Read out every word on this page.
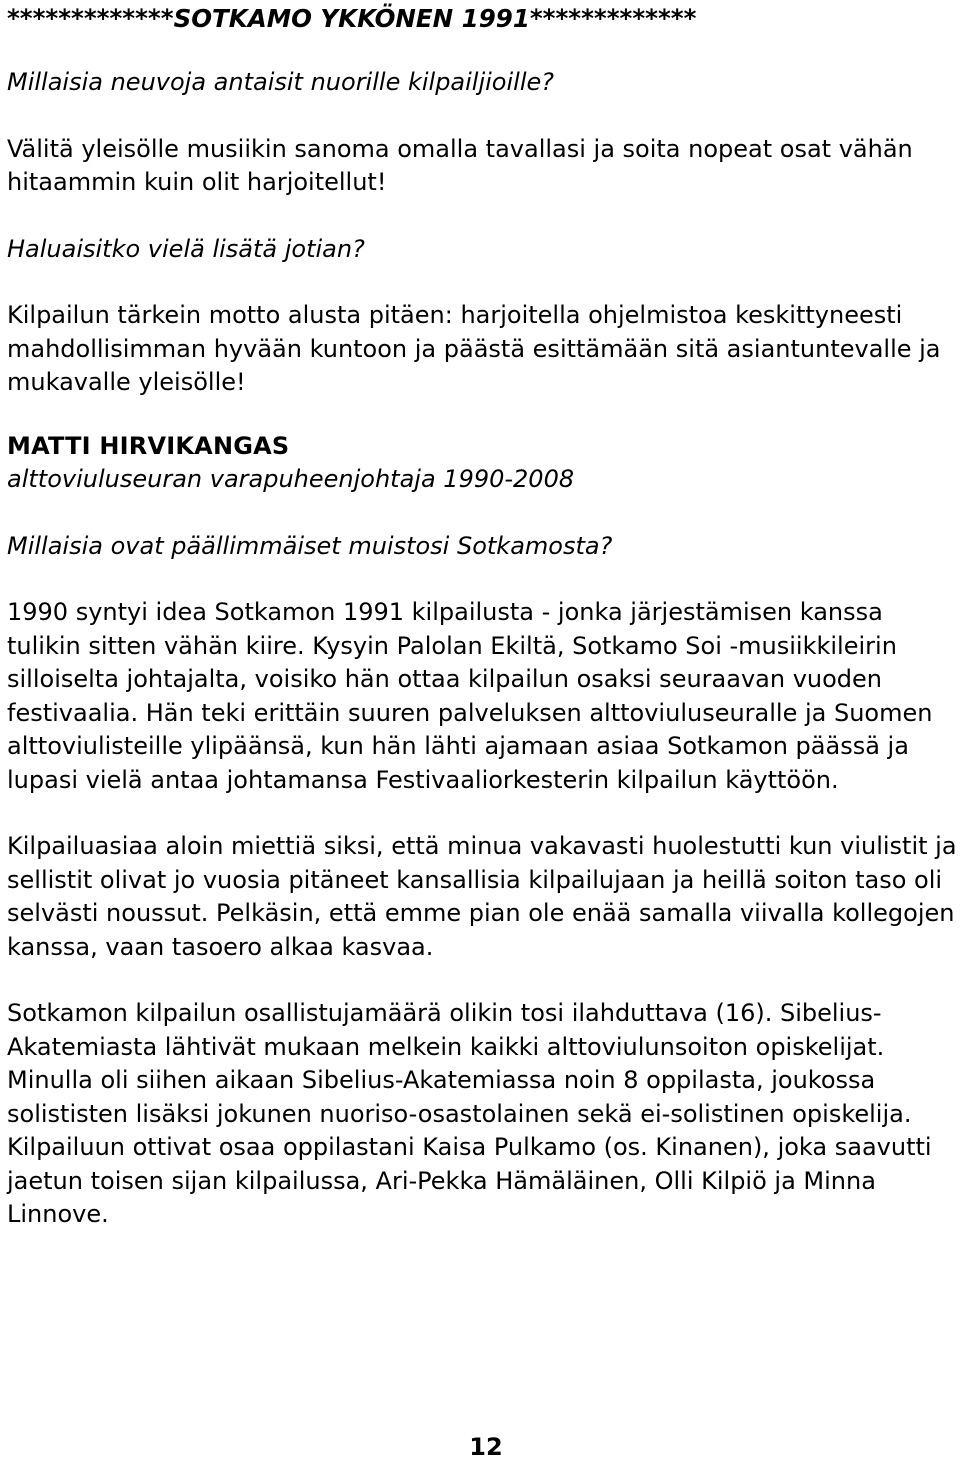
*************SOTKAMO YKKÖNEN 1991*************

Millaisia neuvoja antaisit nuorille kilpailjioille?

Välitä yleisölle musiikin sanoma omalla tavallasi ja soita nopeat osat vähän hitaammin kuin olit harjoitellut!

Haluaisitko vielä lisätä jotian?

Kilpailun tärkein motto alusta pitäen: harjoitella ohjelmistoa keskittyneesti mahdollisimman hyvään kuntoon ja päästä esittämään sitä asiantuntevalle ja mukavalle yleisölle!

MATTI HIRVIKANGAS

alttoviuluseuran varapuheenjohtaja 1990-2008

Millaisia ovat päällimmäiset muistosi Sotkamosta?

1990 syntyi idea Sotkamon 1991 kilpailusta - jonka järjestämisen kanssa tulikin sitten vähän kiire. Kysyin Palolan Ekiltä, Sotkamo Soi -musiikkileirin silloiselta johtajalta, voisiko hän ottaa kilpailun osaksi seuraavan vuoden festivaalia. Hän teki erittäin suuren palveluksen alttoviuluseuralle ja Suomen alttoviulisteille ylipäänsä, kun hän lähti ajamaan asiaa Sotkamon päässä ja lupasi vielä antaa johtamansa Festivaaliorkesterin kilpailun käyttöön.

Kilpailuasiaa aloin miettiä siksi, että minua vakavasti huolestutti kun viulistit ja sellistit olivat jo vuosia pitäneet kansallisia kilpailujaan ja heillä soiton taso oli selvästi noussut. Pelkäsin, että emme pian ole enää samalla viivalla kollegojen kanssa, vaan tasoero alkaa kasvaa.

Sotkamon kilpailun osallistujamäärä olikin tosi ilahduttava (16). Sibelius-Akatemiasta lähtivät mukaan melkein kaikki alttoviulunsoiton opiskelijat. Minulla oli siihen aikaan Sibelius-Akatemiassa noin 8 oppilasta, joukossa solististen lisäksi jokunen nuoriso-osastolainen sekä ei-solistinen opiskelija. Kilpailuun ottivat osaa oppilastani Kaisa Pulkamo (os. Kinanen), joka saavutti jaetun toisen sijan kilpailussa, Ari-Pekka Hämäläinen, Olli Kilpiö ja Minna Linnove.

12
